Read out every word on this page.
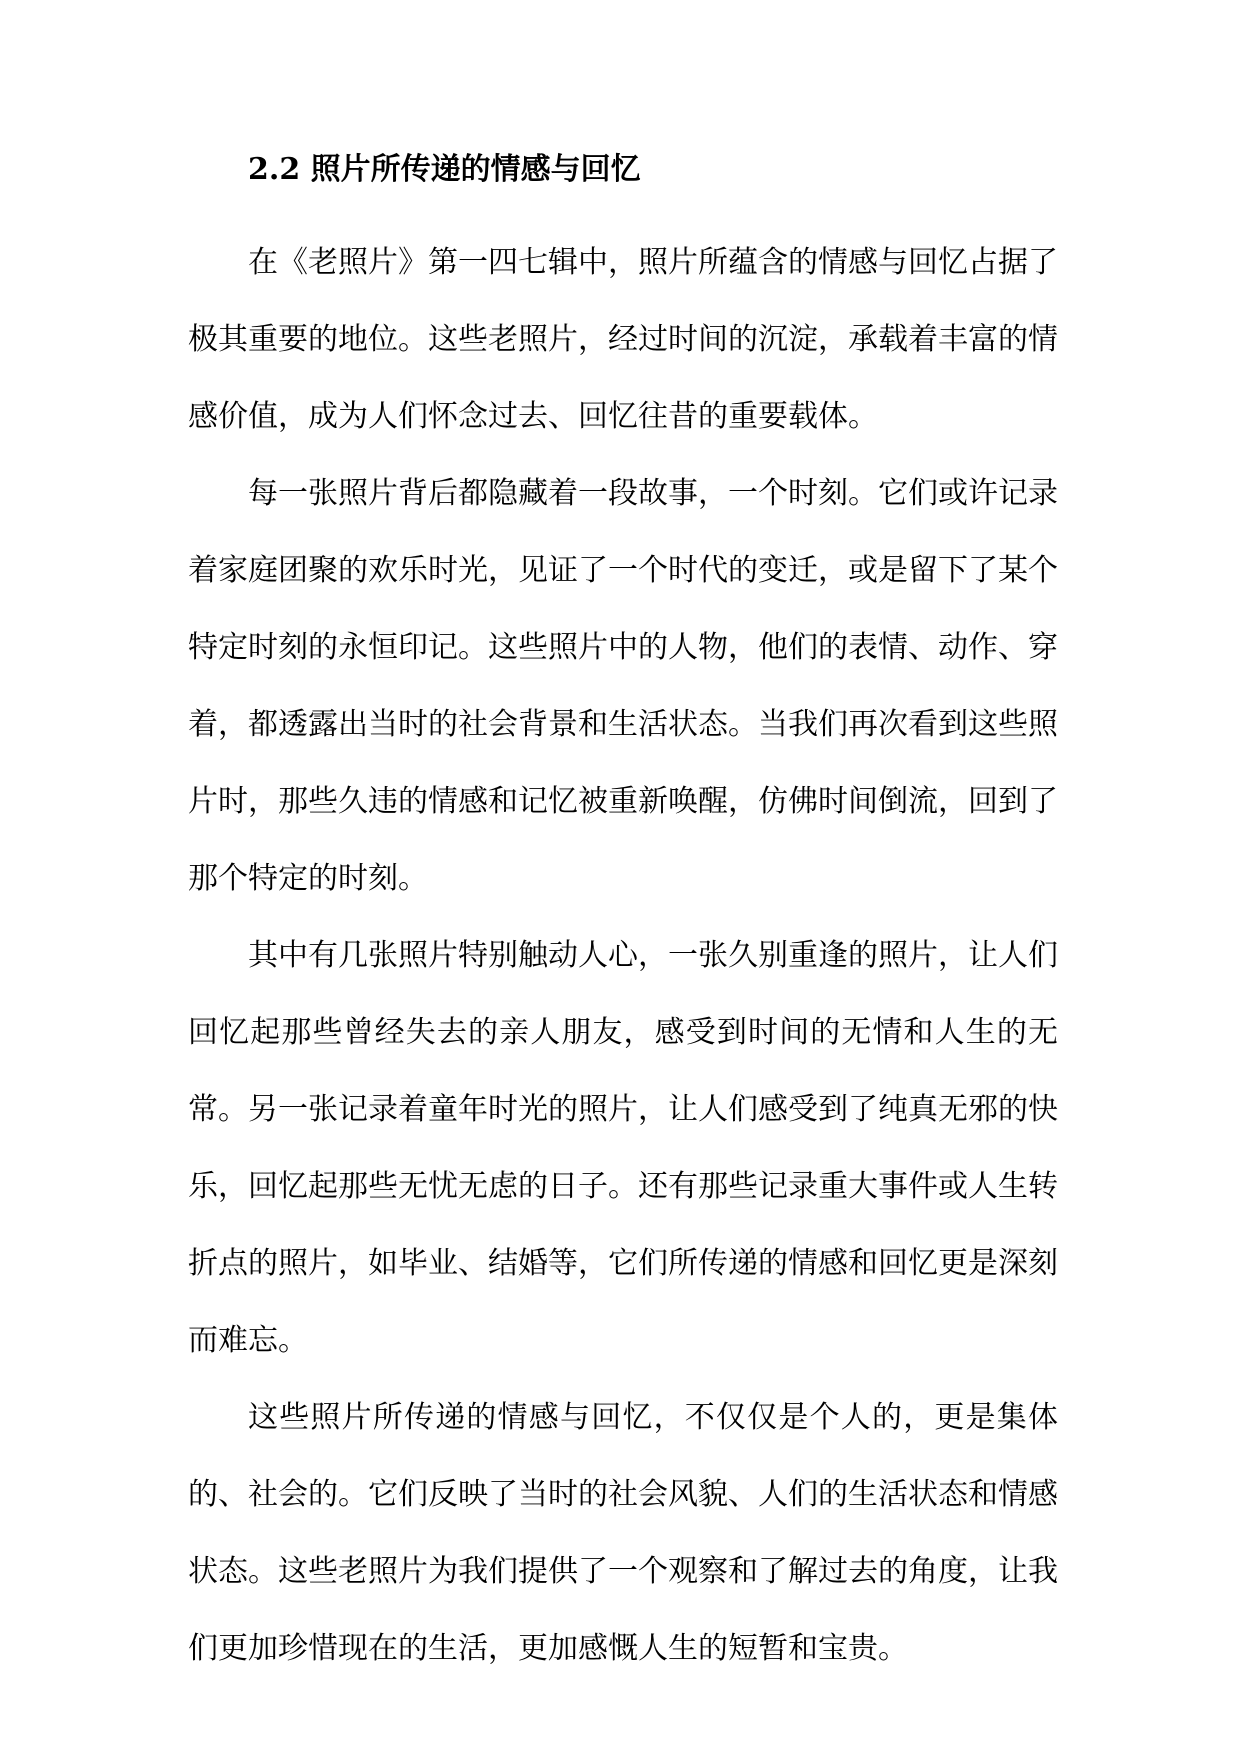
2.2 照片所传递的情感与回忆

在《老照片》第一四七辑中，照片所蕴含的情感与回忆占据了极其重要的地位。这些老照片，经过时间的沉淀，承载着丰富的情感价值，成为人们怀念过去、回忆往昔的重要载体。

每一张照片背后都隐藏着一段故事，一个时刻。它们或许记录着家庭团聚的欢乐时光，见证了一个时代的变迁，或是留下了某个特定时刻的永恒印记。这些照片中的人物，他们的表情、动作、穿着，都透露出当时的社会背景和生活状态。当我们再次看到这些照片时，那些久违的情感和记忆被重新唤醒，仿佛时间倒流，回到了那个特定的时刻。

其中有几张照片特别触动人心，一张久别重逢的照片，让人们回忆起那些曾经失去的亲人朋友，感受到时间的无情和人生的无常。另一张记录着童年时光的照片，让人们感受到了纯真无邪的快乐，回忆起那些无忧无虑的日子。还有那些记录重大事件或人生转折点的照片，如毕业、结婚等，它们所传递的情感和回忆更是深刻而难忘。

这些照片所传递的情感与回忆，不仅仅是个人的，更是集体的、社会的。它们反映了当时的社会风貌、人们的生活状态和情感状态。这些老照片为我们提供了一个观察和了解过去的角度，让我们更加珍惜现在的生活，更加感慨人生的短暂和宝贵。
